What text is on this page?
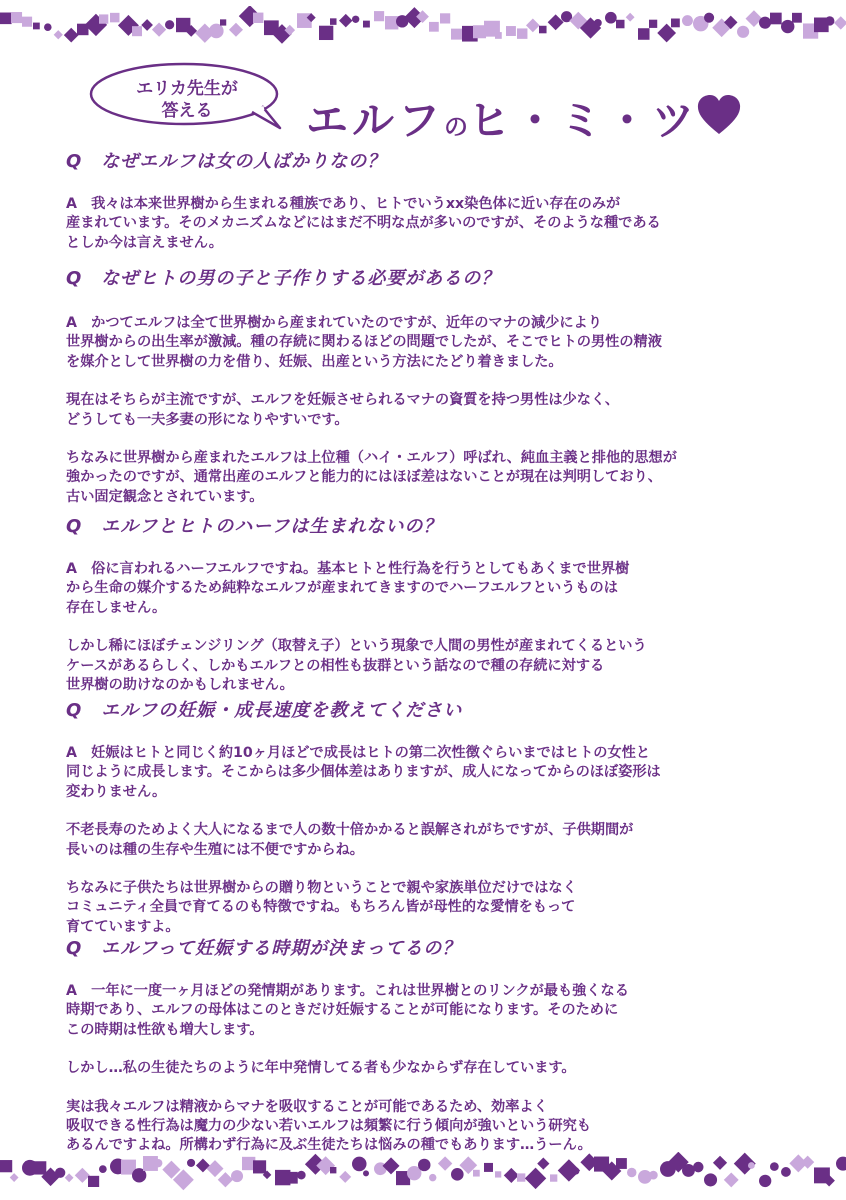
エリカ先生が
答える	エルフのヒ・ミ・ツ

Q　なぜエルフは女の人ばかりなの？

A　我々は本来世界樹から生まれる種族であり、ヒトでいうxx染色体に近い存在のみが
産まれています。そのメカニズムなどにはまだ不明な点が多いのですが、そのような種である
としか今は言えません。

Q　なぜヒトの男の子と子作りする必要があるの？

A　かつてエルフは全て世界樹から産まれていたのですが、近年のマナの減少により
世界樹からの出生率が激減。種の存続に関わるほどの問題でしたが、そこでヒトの男性の精液
を媒介として世界樹の力を借り、妊娠、出産という方法にたどり着きました。
現在はそちらが主流ですが、エルフを妊娠させられるマナの資質を持つ男性は少なく、
どうしても一夫多妻の形になりやすいです。
ちなみに世界樹から産まれたエルフは上位種（ハイ・エルフ）呼ばれ、純血主義と排他的思想が
強かったのですが、通常出産のエルフと能力的にはほぼ差はないことが現在は判明しており、
古い固定観念とされています。

Q　エルフとヒトのハーフは生まれないの？

A　俗に言われるハーフエルフですね。基本ヒトと性行為を行うとしてもあくまで世界樹
から生命の媒介するため純粋なエルフが産まれてきますのでハーフエルフというものは
存在しません。
しかし稀にほぼチェンジリング（取替え子）という現象で人間の男性が産まれてくるという
ケースがあるらしく、しかもエルフとの相性も抜群という話なので種の存続に対する
世界樹の助けなのかもしれません。

Q　エルフの妊娠・成長速度を教えてください

A　妊娠はヒトと同じく約10ヶ月ほどで成長はヒトの第二次性徴ぐらいまではヒトの女性と
同じように成長します。そこからは多少個体差はありますが、成人になってからのほぼ姿形は
変わりません。
不老長寿のためよく大人になるまで人の数十倍かかると誤解されがちですが、子供期間が
長いのは種の生存や生殖には不便ですからね。
ちなみに子供たちは世界樹からの贈り物ということで親や家族単位だけではなく
コミュニティ全員で育てるのも特徴ですね。もちろん皆が母性的な愛情をもって
育てていますよ。

Q　エルフって妊娠する時期が決まってるの？

A　一年に一度一ヶ月ほどの発情期があります。これは世界樹とのリンクが最も強くなる
時期であり、エルフの母体はこのときだけ妊娠することが可能になります。そのために
この時期は性欲も増大します。
しかし…私の生徒たちのように年中発情してる者も少なからず存在しています。
実は我々エルフは精液からマナを吸収することが可能であるため、効率よく
吸収できる性行為は魔力の少ない若いエルフは頻繁に行う傾向が強いという研究も
あるんですよね。所構わず行為に及ぶ生徒たちは悩みの種でもあります…うーん。
